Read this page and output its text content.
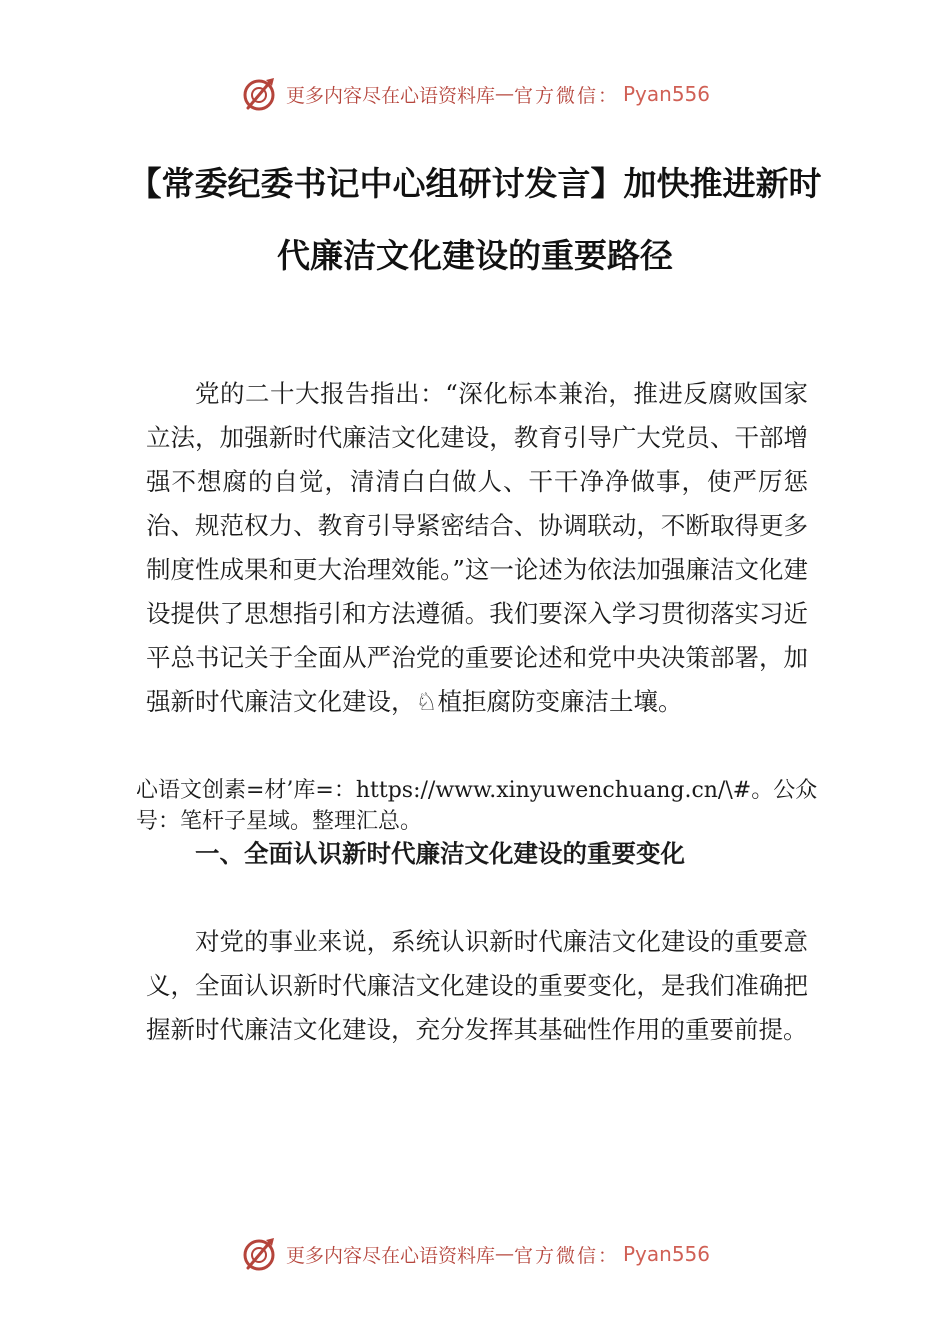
更多内容尽在心语资料库 — 官方微信： Pyan556
【常委纪委书记中心组研讨发言】加快推进新时代廉洁文化建设的重要路径

党的二十大报告指出：“深化标本兼治，推进反腐败国家立法，加强新时代廉洁文化建设，教育引导广大党员、干部增强不想腐的自觉，清清白白做人、干干净净做事，使严厉惩治、规范权力、教育引导紧密结合、协调联动，不断取得更多制度性成果和更大治理效能。”这一论述为依法加强廉洁文化建设提供了思想指引和方法遵循。我们要深入学习贯彻落实习近平总书记关于全面从严治党的重要论述和党中央决策部署，加强新时代廉洁文化建设，♘植拒腐防变廉洁土壤。

心语文创素=材’库=：https://www.xinyuwenchuang.cn/\#。公众号：笔杆子星域。整理汇总。

一、全面认识新时代廉洁文化建设的重要变化

对党的事业来说，系统认识新时代廉洁文化建设的重要意义，全面认识新时代廉洁文化建设的重要变化，是我们准确把握新时代廉洁文化建设，充分发挥其基础性作用的重要前提。

更多内容尽在心语资料库 — 官方微信： Pyan556
